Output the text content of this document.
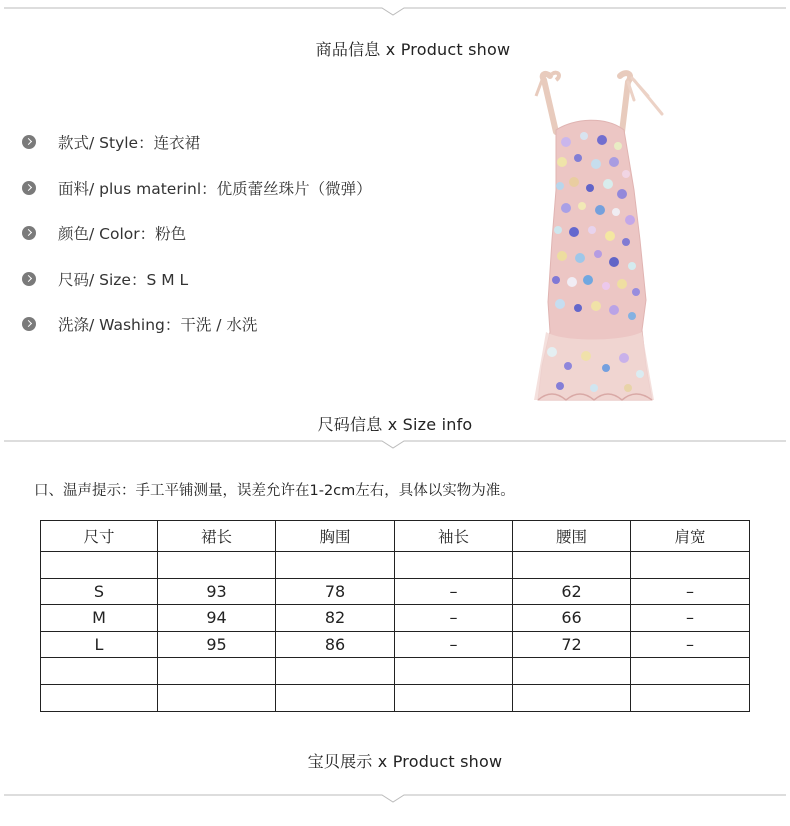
商品信息 x Product show
款式/ Style：连衣裙
面料/ plus materinl：优质蕾丝珠片（微弹）
颜色/ Color：粉色
尺码/ Size：S M L
洗涤/ Washing：干洗 / 水洗
尺码信息 x Size info
口、温声提示：手工平铺测量，误差允许在1-2cm左右，具体以实物为准。
尺寸	裙长	胸围	袖长	腰围	肩宽

S	93	78	–	62	–
M	94	82	–	66	–
L	95	86	–	72	–

宝贝展示 x Product show
